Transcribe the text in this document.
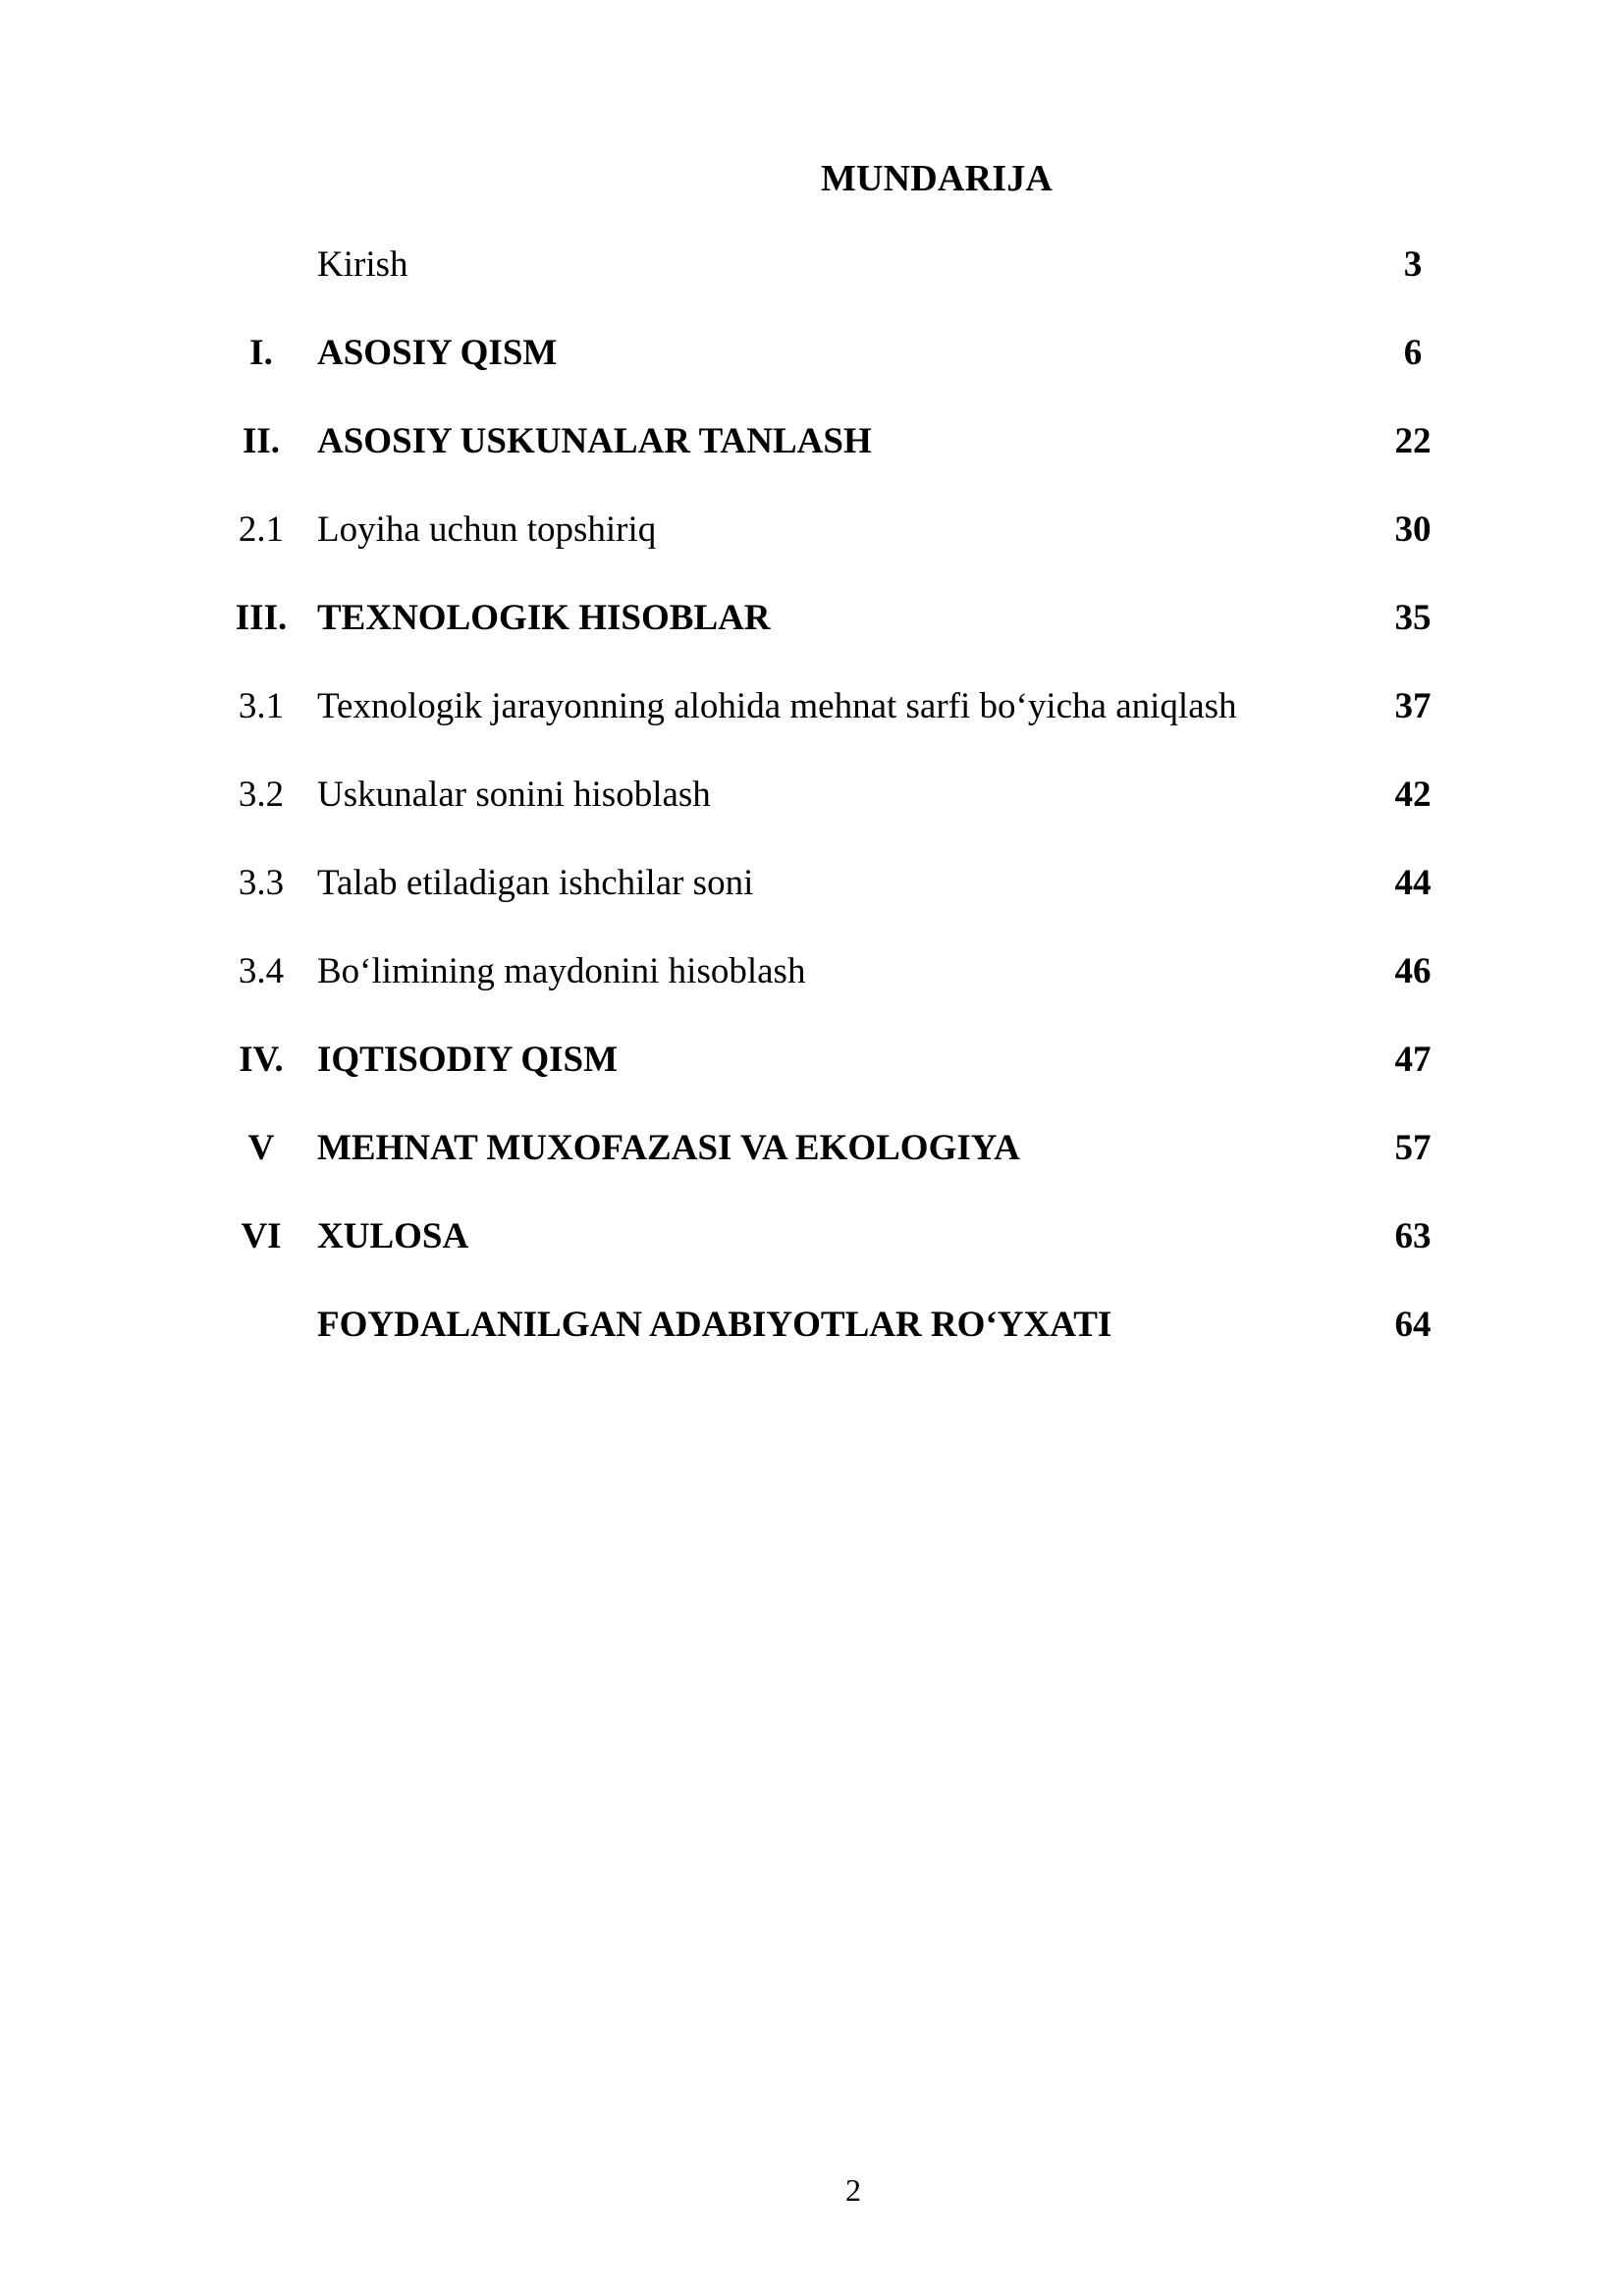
MUNDARIJA
Kirish	3
I.	ASOSIY QISM	6
II.	ASOSIY USKUNALAR TANLASH	22
2.1 Loyiha uchun topshiriq	30
III. TEXNOLOGIK HISOBLAR	35
3.1 Texnologik jarayonning alohida mehnat sarfi bo‘yicha aniqlash	37
3.2 Uskunalar sonini hisoblash	42
3.3 Talab etiladigan ishchilar soni	44
3.4 Bo‘limining maydonini hisoblash	46
IV. IQTISODIY QISM	47
V	MEHNAT MUXOFAZASI VA EKOLOGIYA	57
VI XULOSA	63
FOYDALANILGAN ADABIYOTLAR RO‘YXATI	64
2
